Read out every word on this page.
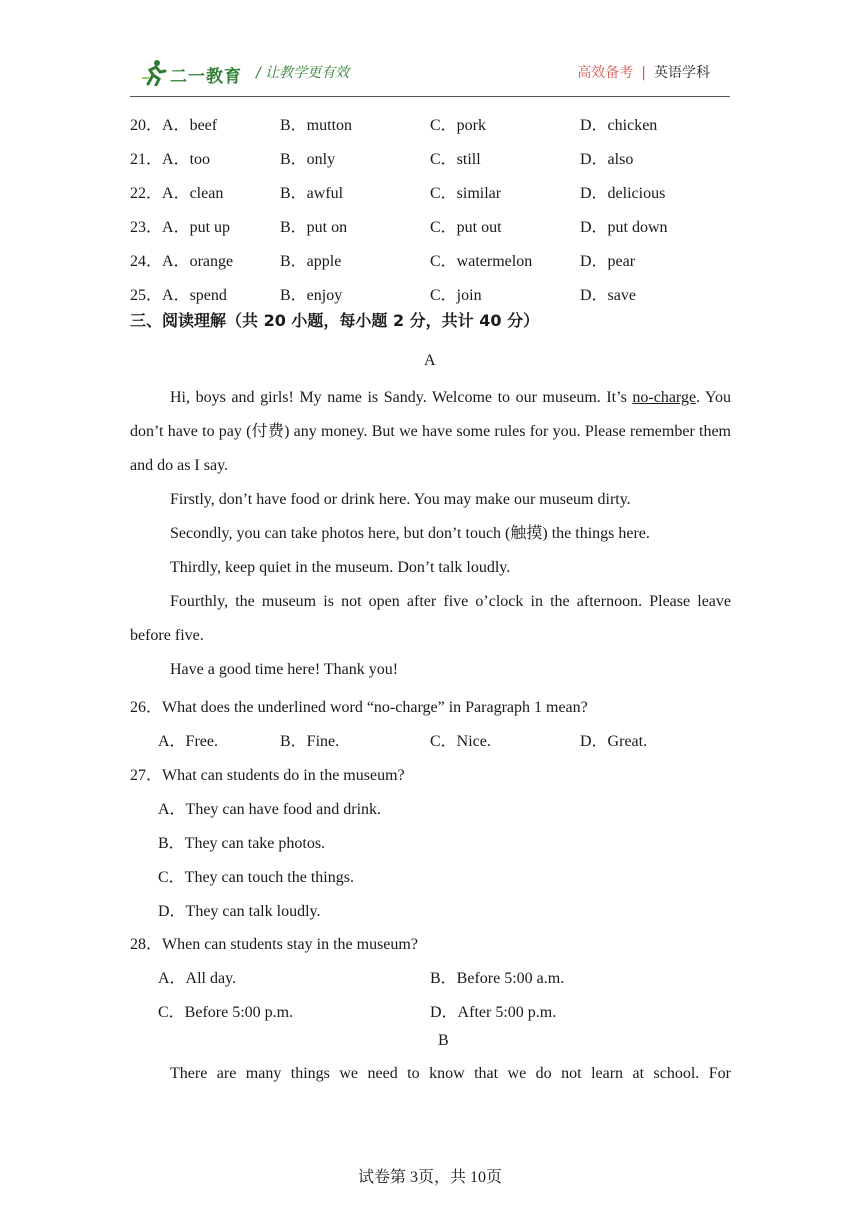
二一教育 / 让教学更有效	高效备考 | 英语学科
20．A．beef	B．mutton	C．pork	D．chicken
21．A．too	B．only	C．still	D．also
22．A．clean	B．awful	C．similar	D．delicious
23．A．put up	B．put on	C．put out	D．put down
24．A．orange	B．apple	C．watermelon	D．pear
25．A．spend	B．enjoy	C．join	D．save
三、阅读理解（共 20 小题，每小题 2 分，共计 40 分）
A
Hi, boys and girls! My name is Sandy. Welcome to our museum. It’s no-charge. You don’t have to pay (付费) any money. But we have some rules for you. Please remember them and do as I say.
Firstly, don’t have food or drink here. You may make our museum dirty.
Secondly, you can take photos here, but don’t touch (触摸) the things here.
Thirdly, keep quiet in the museum. Don’t talk loudly.
Fourthly, the museum is not open after five o’clock in the afternoon. Please leave before five.
Have a good time here! Thank you!
26．What does the underlined word “no-charge” in Paragraph 1 mean?
A．Free.	B．Fine.	C．Nice.	D．Great.
27．What can students do in the museum?
A．They can have food and drink.
B．They can take photos.
C．They can touch the things.
D．They can talk loudly.
28．When can students stay in the museum?
A．All day.	B．Before 5:00 a.m.
C．Before 5:00 p.m.	D．After 5:00 p.m.
B
There are many things we need to know that we do not learn at school. For
试卷第 3页，共 10页
